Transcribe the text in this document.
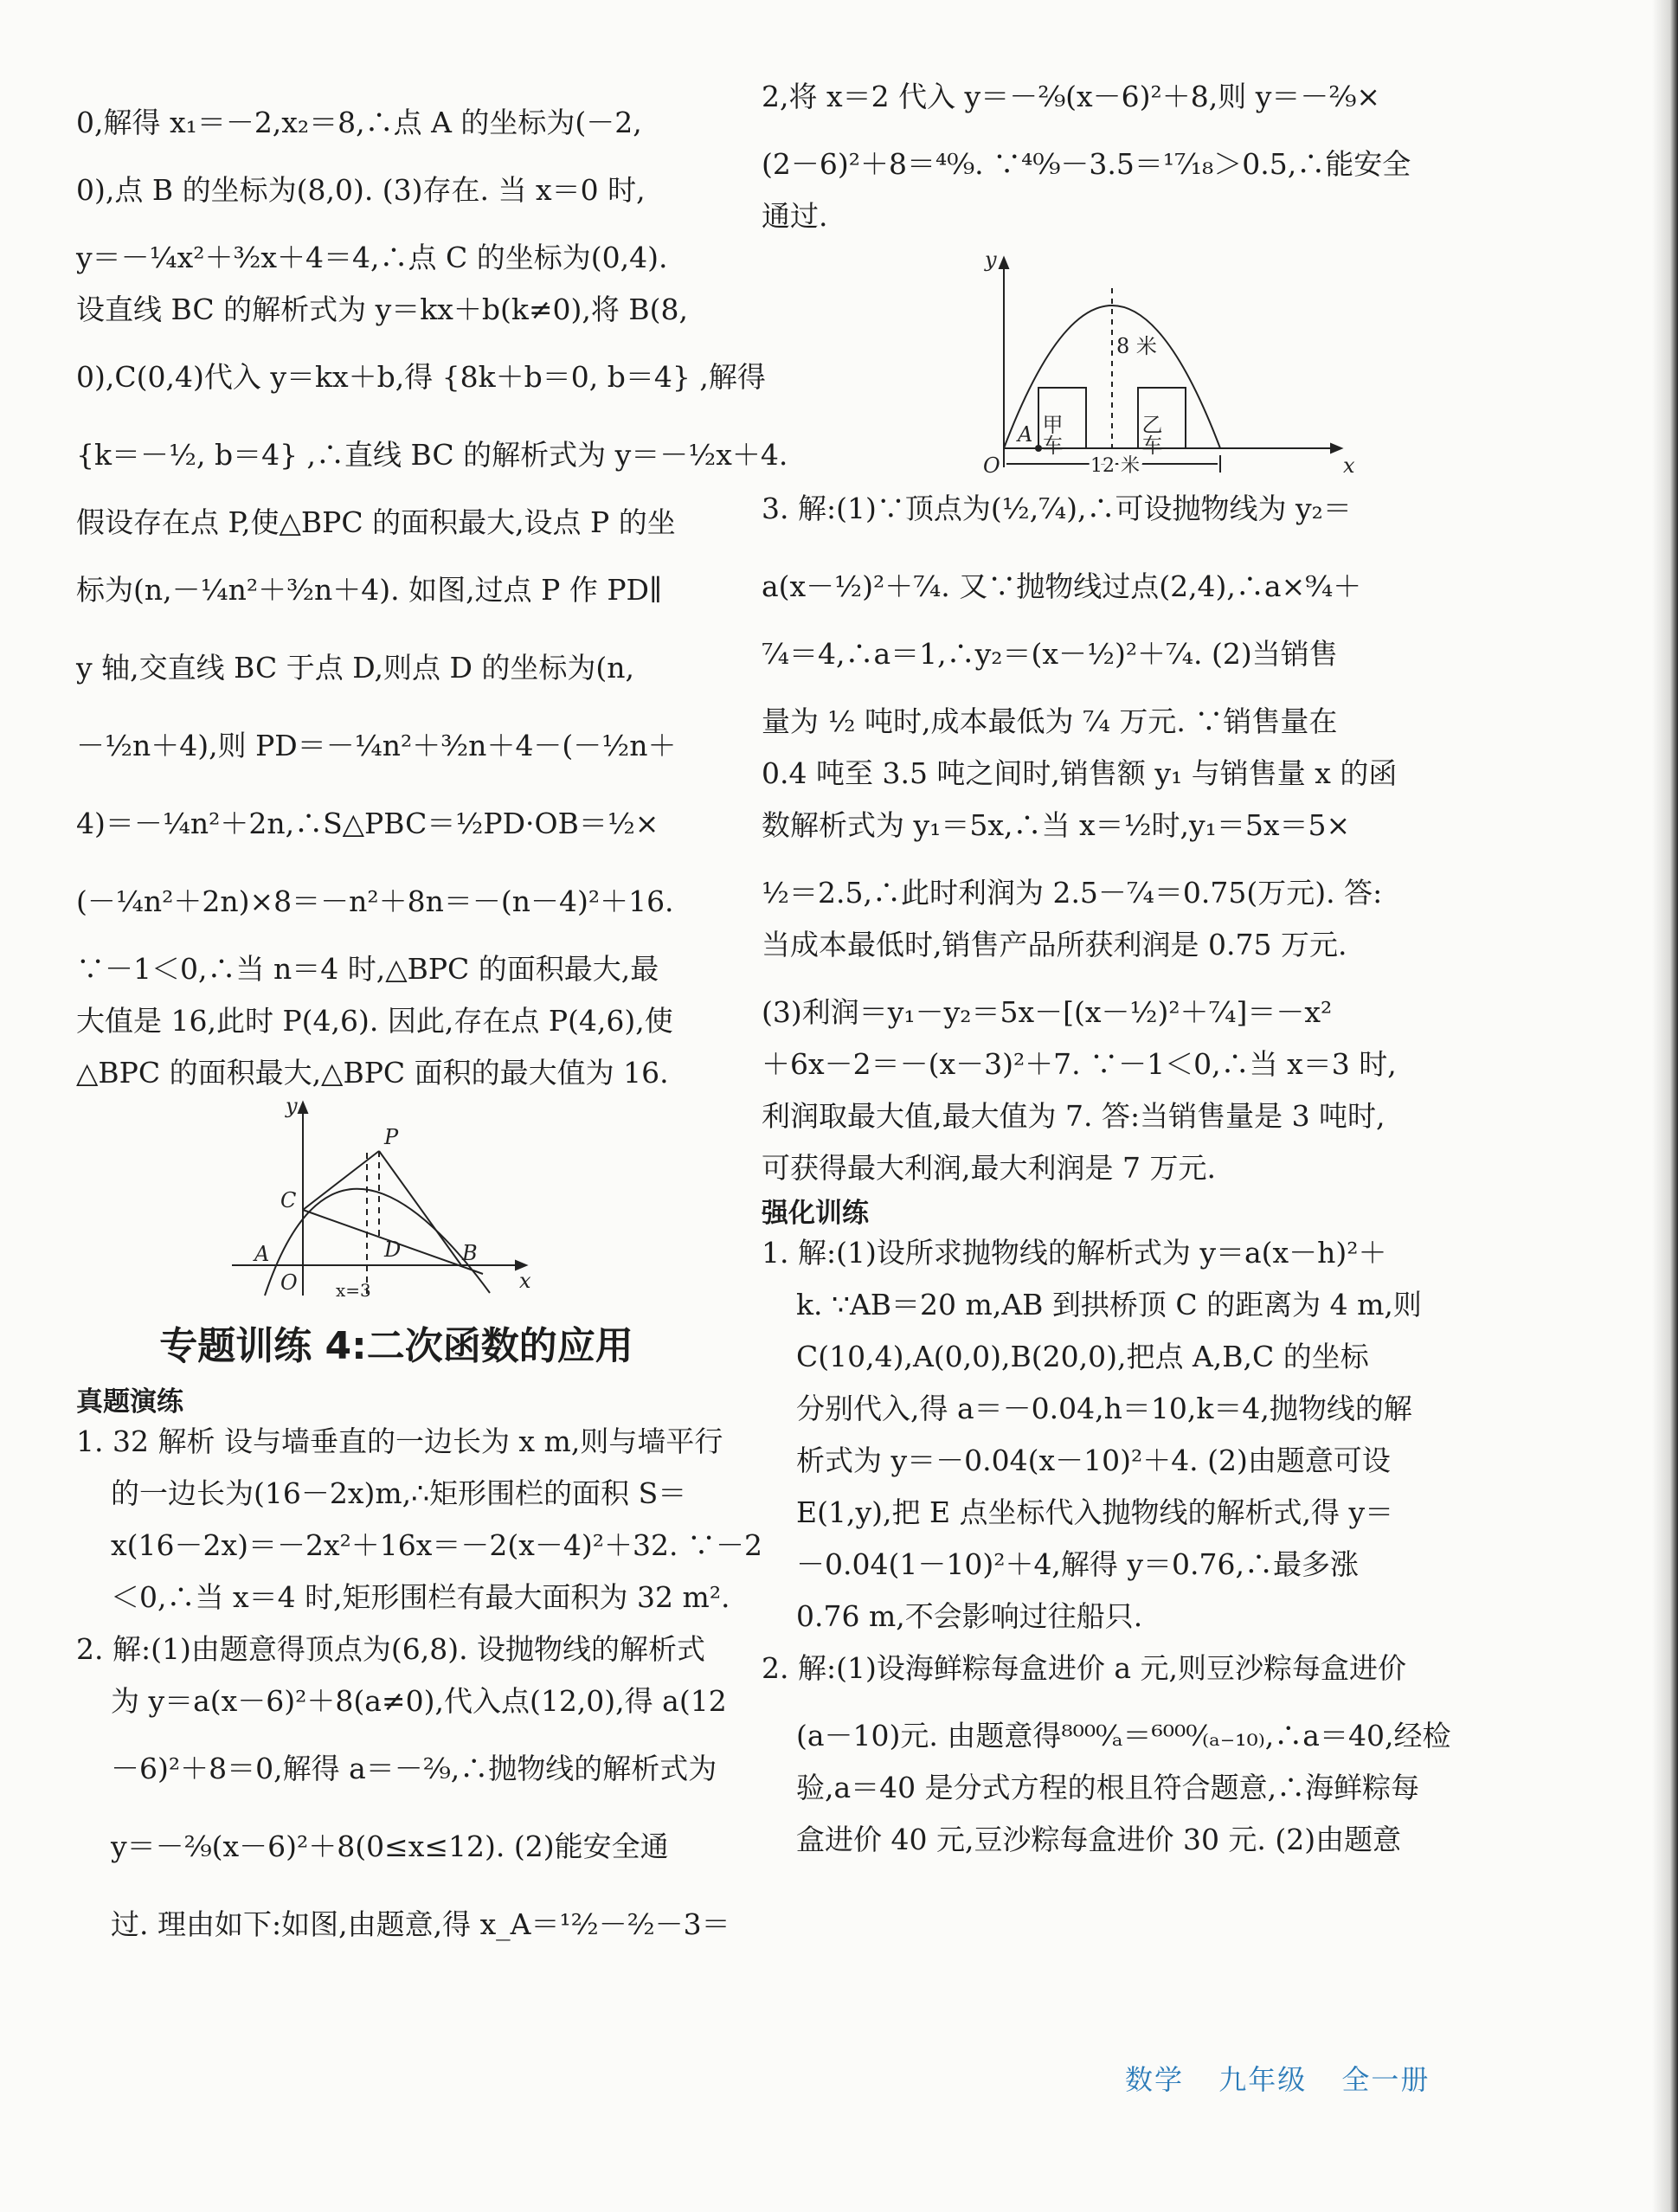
0,解得 x₁＝－2,x₂＝8,∴点 A 的坐标为(－2,
0),点 B 的坐标为(8,0). (3)存在. 当 x＝0 时,
y＝－¼x²＋³⁄₂x＋4＝4,∴点 C 的坐标为(0,4).
设直线 BC 的解析式为 y＝kx＋b(k≠0),将 B(8,
0),C(0,4)代入 y＝kx＋b,得 {8k＋b＝0, b＝4} ,解得
{k＝－½, b＝4} ,∴直线 BC 的解析式为 y＝－½x＋4.
假设存在点 P,使△BPC 的面积最大,设点 P 的坐
标为(n,－¼n²＋³⁄₂n＋4). 如图,过点 P 作 PD∥
y 轴,交直线 BC 于点 D,则点 D 的坐标为(n,
－½n＋4),则 PD＝－¼n²＋³⁄₂n＋4－(－½n＋
4)＝－¼n²＋2n,∴S△PBC＝½PD·OB＝½×
(－¼n²＋2n)×8＝－n²＋8n＝－(n－4)²＋16.
∵－1＜0,∴当 n＝4 时,△BPC 的面积最大,最
大值是 16,此时 P(4,6). 因此,存在点 P(4,6),使
△BPC 的面积最大,△BPC 面积的最大值为 16.
y
x
O
A	B
C
P
D
x=3
专题训练 4:二次函数的应用
真题演练
1. 32 解析 设与墙垂直的一边长为 x m,则与墙平行
的一边长为(16－2x)m,∴矩形围栏的面积 S＝
x(16－2x)＝－2x²＋16x＝－2(x－4)²＋32. ∵－2
＜0,∴当 x＝4 时,矩形围栏有最大面积为 32 m².
2. 解:(1)由题意得顶点为(6,8). 设抛物线的解析式
为 y＝a(x－6)²＋8(a≠0),代入点(12,0),得 a(12
－6)²＋8＝0,解得 a＝－²⁄₉,∴抛物线的解析式为
y＝－²⁄₉(x－6)²＋8(0≤x≤12). (2)能安全通
过. 理由如下:如图,由题意,得 x_A＝¹²⁄₂－²⁄₂－3＝
2,将 x＝2 代入 y＝－²⁄₉(x－6)²＋8,则 y＝－²⁄₉×
(2－6)²＋8＝⁴⁰⁄₉. ∵⁴⁰⁄₉－3.5＝¹⁷⁄₁₈＞0.5,∴能安全
通过.
y
x
O
A 甲车	乙车
8 米
12 米
3. 解:(1)∵顶点为(½,⁷⁄₄),∴可设抛物线为 y₂＝
a(x－½)²＋⁷⁄₄. 又∵抛物线过点(2,4),∴a×⁹⁄₄＋
⁷⁄₄＝4,∴a＝1,∴y₂＝(x－½)²＋⁷⁄₄. (2)当销售
量为 ½ 吨时,成本最低为 ⁷⁄₄ 万元. ∵销售量在
0.4 吨至 3.5 吨之间时,销售额 y₁ 与销售量 x 的函
数解析式为 y₁＝5x,∴当 x＝½时,y₁＝5x＝5×
½＝2.5,∴此时利润为 2.5－⁷⁄₄＝0.75(万元). 答:
当成本最低时,销售产品所获利润是 0.75 万元.
(3)利润＝y₁－y₂＝5x－[(x－½)²＋⁷⁄₄]＝－x²
＋6x－2＝－(x－3)²＋7. ∵－1＜0,∴当 x＝3 时,
利润取最大值,最大值为 7. 答:当销售量是 3 吨时,
可获得最大利润,最大利润是 7 万元.
强化训练
1. 解:(1)设所求抛物线的解析式为 y＝a(x－h)²＋
k. ∵AB＝20 m,AB 到拱桥顶 C 的距离为 4 m,则
C(10,4),A(0,0),B(20,0),把点 A,B,C 的坐标
分别代入,得 a＝－0.04,h＝10,k＝4,抛物线的解
析式为 y＝－0.04(x－10)²＋4. (2)由题意可设
E(1,y),把 E 点坐标代入抛物线的解析式,得 y＝
－0.04(1－10)²＋4,解得 y＝0.76,∴最多涨
0.76 m,不会影响过往船只.
2. 解:(1)设海鲜粽每盒进价 a 元,则豆沙粽每盒进价
(a－10)元. 由题意得⁸⁰⁰⁰⁄ₐ＝⁶⁰⁰⁰⁄₍ₐ₋₁₀₎,∴a＝40,经检
验,a＝40 是分式方程的根且符合题意,∴海鲜粽每
盒进价 40 元,豆沙粽每盒进价 30 元. (2)由题意
数学 九年级 全一册
